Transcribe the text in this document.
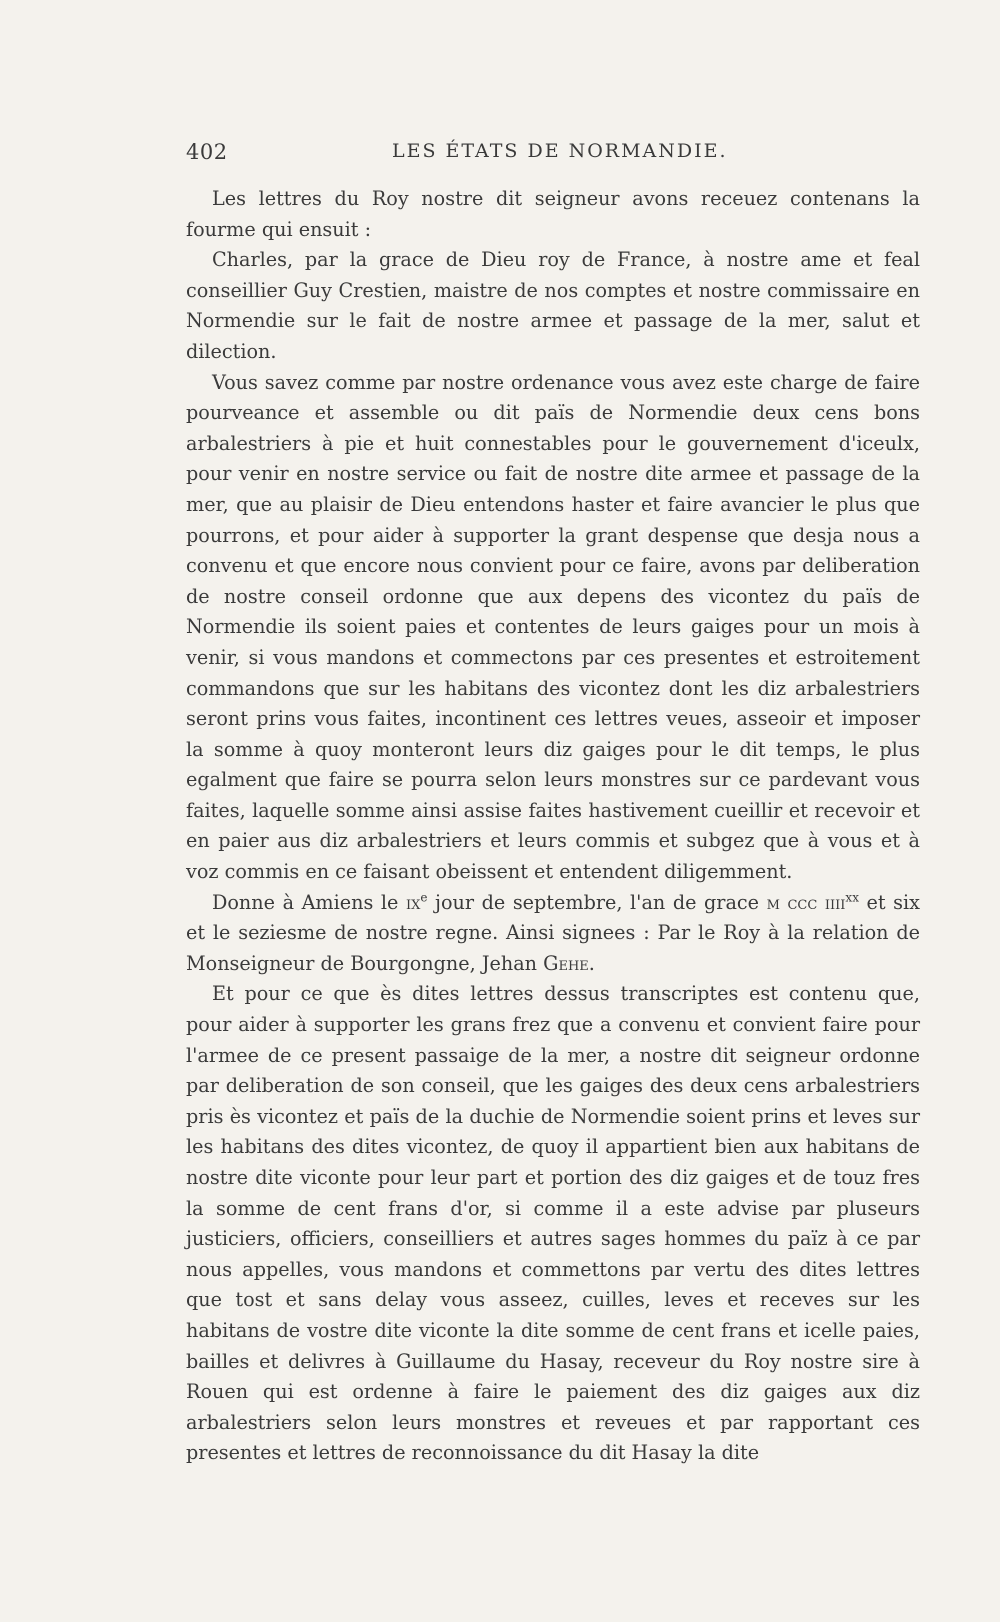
402	LES ÉTATS DE NORMANDIE.

Les lettres du Roy nostre dit seigneur avons receuez contenans la fourme qui ensuit :

Charles, par la grace de Dieu roy de France, à nostre ame et feal conseillier Guy Crestien, maistre de nos comptes et nostre commissaire en Normendie sur le fait de nostre armee et passage de la mer, salut et dilection.

Vous savez comme par nostre ordenance vous avez este charge de faire pourveance et assemble ou dit païs de Normendie deux cens bons arbalestriers à pie et huit connestables pour le gouvernement d'iceulx, pour venir en nostre service ou fait de nostre dite armee et passage de la mer, que au plaisir de Dieu entendons haster et faire avancier le plus que pourrons, et pour aider à supporter la grant despense que desja nous a convenu et que encore nous convient pour ce faire, avons par deliberation de nostre conseil ordonne que aux depens des vicontez du païs de Normendie ils soient paies et contentes de leurs gaiges pour un mois à venir, si vous mandons et commectons par ces presentes et estroitement commandons que sur les habitans des vicontez dont les diz arbalestriers seront prins vous faites, incontinent ces lettres veues, asseoir et imposer la somme à quoy monteront leurs diz gaiges pour le dit temps, le plus egalment que faire se pourra selon leurs monstres sur ce pardevant vous faites, laquelle somme ainsi assise faites hastivement cueillir et recevoir et en paier aus diz arbalestriers et leurs commis et subgez que à vous et à voz commis en ce faisant obeissent et entendent diligemment.

Donne à Amiens le $ix^e$ jour de septembre, l'an de grace m ccc iiii$^{xx}$ et six et le seziesme de nostre regne. Ainsi signees : Par le Roy à la relation de Monseigneur de Bourgongne, Jehan Gehe.

Et pour ce que ès dites lettres dessus transcriptes est contenu que, pour aider à supporter les grans frez que a convenu et convient faire pour l'armee de ce present passaige de la mer, a nostre dit seigneur ordonne par deliberation de son conseil, que les gaiges des deux cens arbalestriers pris ès vicontez et païs de la duchie de Normendie soient prins et leves sur les habitans des dites vicontez, de quoy il appartient bien aux habitans de nostre dite viconte pour leur part et portion des diz gaiges et de touz fres la somme de cent frans d'or, si comme il a este advise par pluseurs justiciers, officiers, conseilliers et autres sages hommes du païz à ce par nous appelles, vous mandons et commettons par vertu des dites lettres que tost et sans delay vous asseez, cuilles, leves et receves sur les habitans de vostre dite viconte la dite somme de cent frans et icelle paies, bailles et delivres à Guillaume du Hasay, receveur du Roy nostre sire à Rouen qui est ordenne à faire le paiement des diz gaiges aux diz arbalestriers selon leurs monstres et reveues et par rapportant ces presentes et lettres de reconnoissance du dit Hasay la dite
